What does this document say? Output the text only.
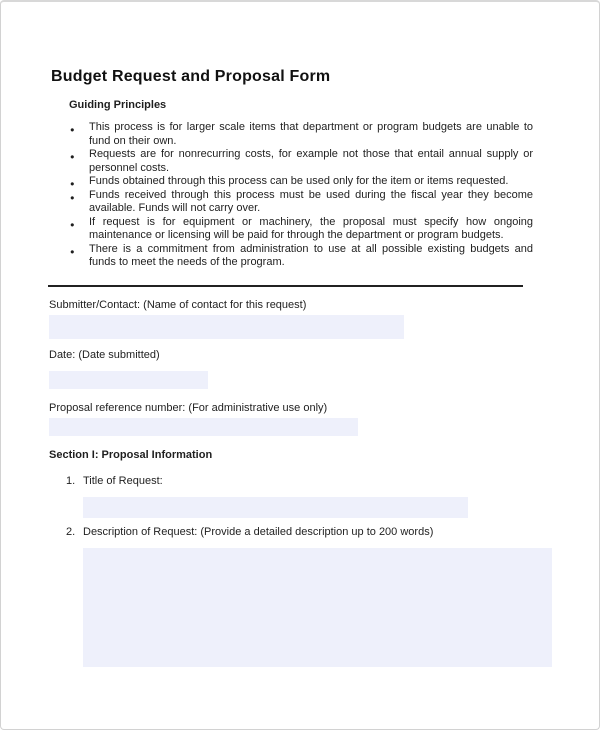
Budget Request and Proposal Form
Guiding Principles
● This process is for larger scale items that department or program budgets are unable to fund on their own.
● Requests are for nonrecurring costs, for example not those that entail annual supply or personnel costs.
● Funds obtained through this process can be used only for the item or items requested.
● Funds received through this process must be used during the fiscal year they become available. Funds will not carry over.
● If request is for equipment or machinery, the proposal must specify how ongoing maintenance or licensing will be paid for through the department or program budgets.
● There is a commitment from administration to use at all possible existing budgets and funds to meet the needs of the program.
Submitter/Contact: (Name of contact for this request)
Date: (Date submitted)
Proposal reference number: (For administrative use only)
Section I: Proposal Information
1. Title of Request:
2. Description of Request: (Provide a detailed description up to 200 words)
